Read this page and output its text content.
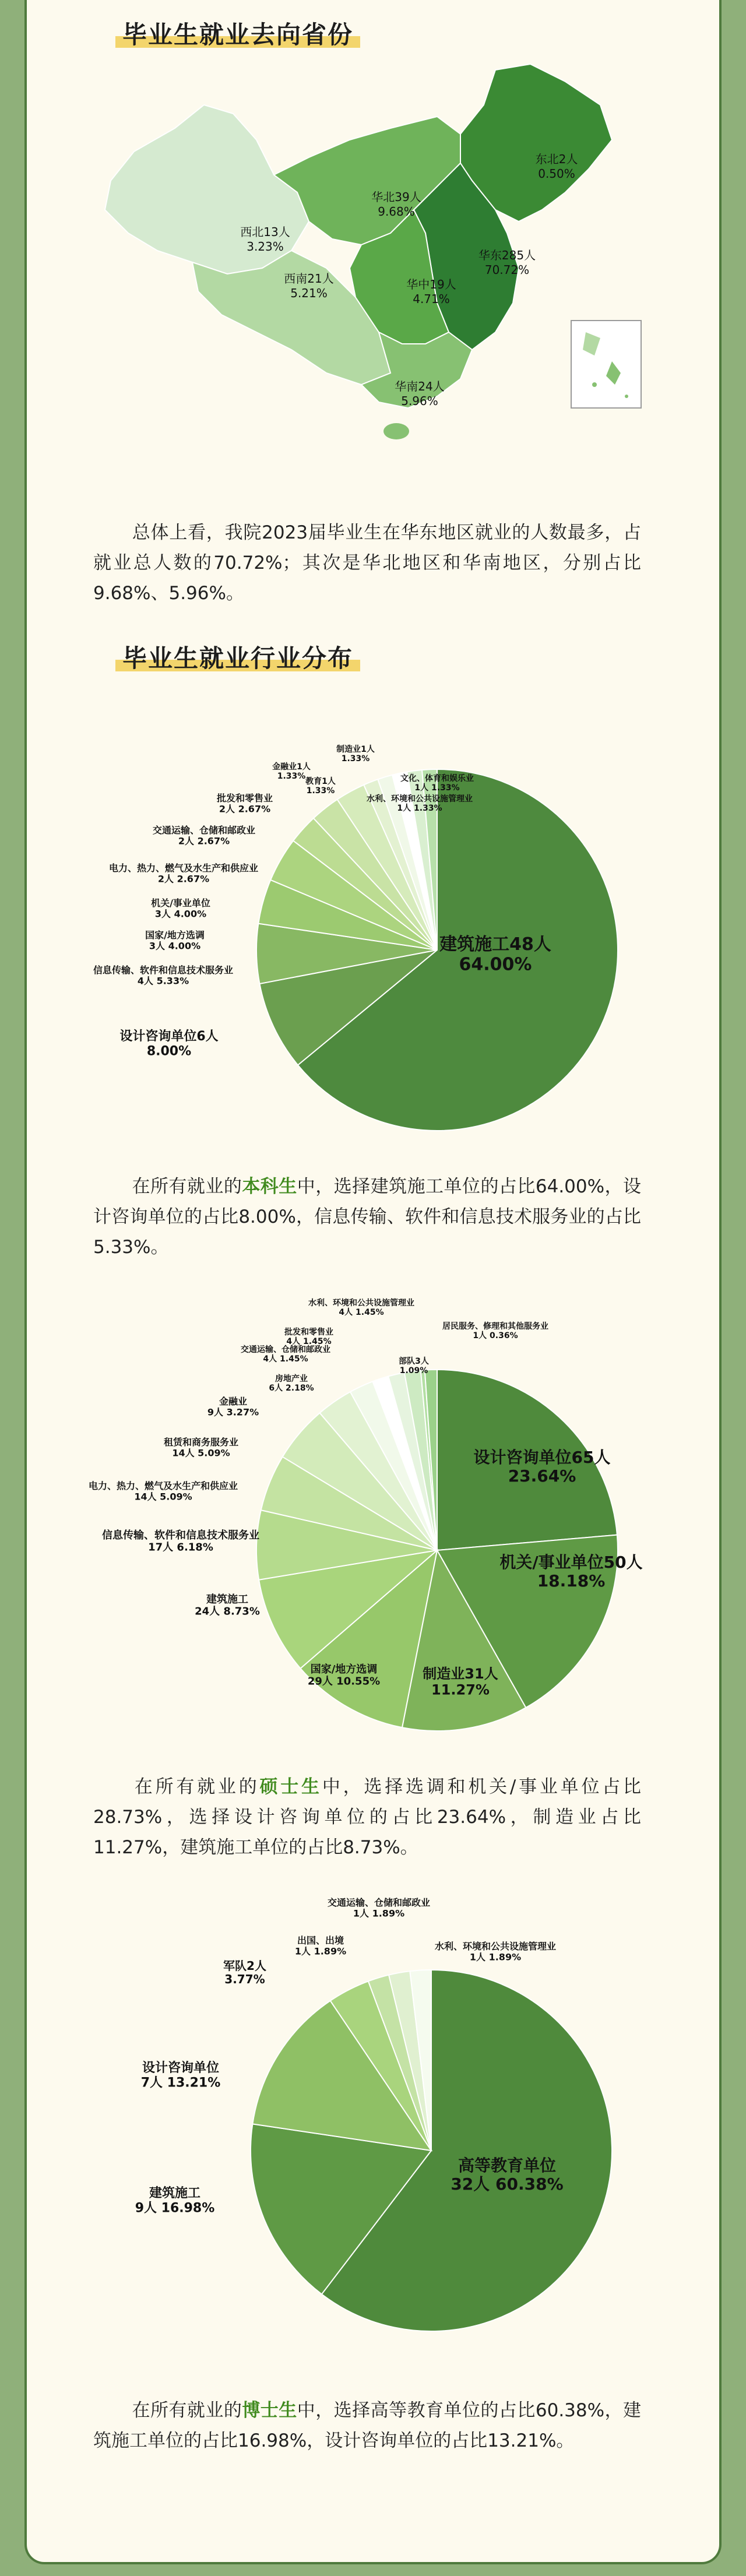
毕业生就业去向省份
东北2人
0.50%
华北39人
9.68%
西北13人
3.23%
华东285人
70.72%
西南21人
5.21%
华中19人
4.71%
华南24人
5.96%
总体上看，我院2023届毕业生在华东地区就业的人数最多，占就业总人数的70.72%；其次是华北地区和华南地区，分别占比9.68%、5.96%。
毕业生就业行业分布
建筑施工48人
64.00%
设计咨询单位6人
8.00%
信息传输、软件和信息技术服务业
4人 5.33%
国家/地方选调
3人 4.00%
机关/事业单位
3人 4.00%
电力、热力、燃气及水生产和供应业
2人 2.67%
交通运输、仓储和邮政业
2人 2.67%
批发和零售业
2人 2.67%
金融业1人
1.33%
教育1人
1.33%
制造业1人
1.33%
文化、体育和娱乐业
1人 1.33%
水利、环境和公共设施管理业
1人 1.33%
在所有就业的本科生中，选择建筑施工单位的占比64.00%，设计咨询单位的占比8.00%，信息传输、软件和信息技术服务业的占比5.33%。
设计咨询单位65人
23.64%
机关/事业单位50人
18.18%
制造业31人
11.27%
国家/地方选调
29人 10.55%
建筑施工
24人 8.73%
信息传输、软件和信息技术服务业
17人 6.18%
电力、热力、燃气及水生产和供应业
14人 5.09%
租赁和商务服务业
14人 5.09%
金融业
9人 3.27%
房地产业
6人 2.18%
交通运输、仓储和邮政业
4人 1.45%
批发和零售业
4人 1.45%
水利、环境和公共设施管理业
4人 1.45%
居民服务、修理和其他服务业
1人 0.36%
部队3人
1.09%
在所有就业的硕士生中，选择选调和机关/事业单位占比28.73%，选择设计咨询单位的占比23.64%，制造业占比11.27%，建筑施工单位的占比8.73%。
高等教育单位
32人 60.38%
建筑施工
9人 16.98%
设计咨询单位
7人 13.21%
军队2人
3.77%
出国、出境
1人 1.89%
交通运输、仓储和邮政业
1人 1.89%
水利、环境和公共设施管理业
1人 1.89%
在所有就业的博士生中，选择高等教育单位的占比60.38%，建筑施工单位的占比16.98%，设计咨询单位的占比13.21%。
